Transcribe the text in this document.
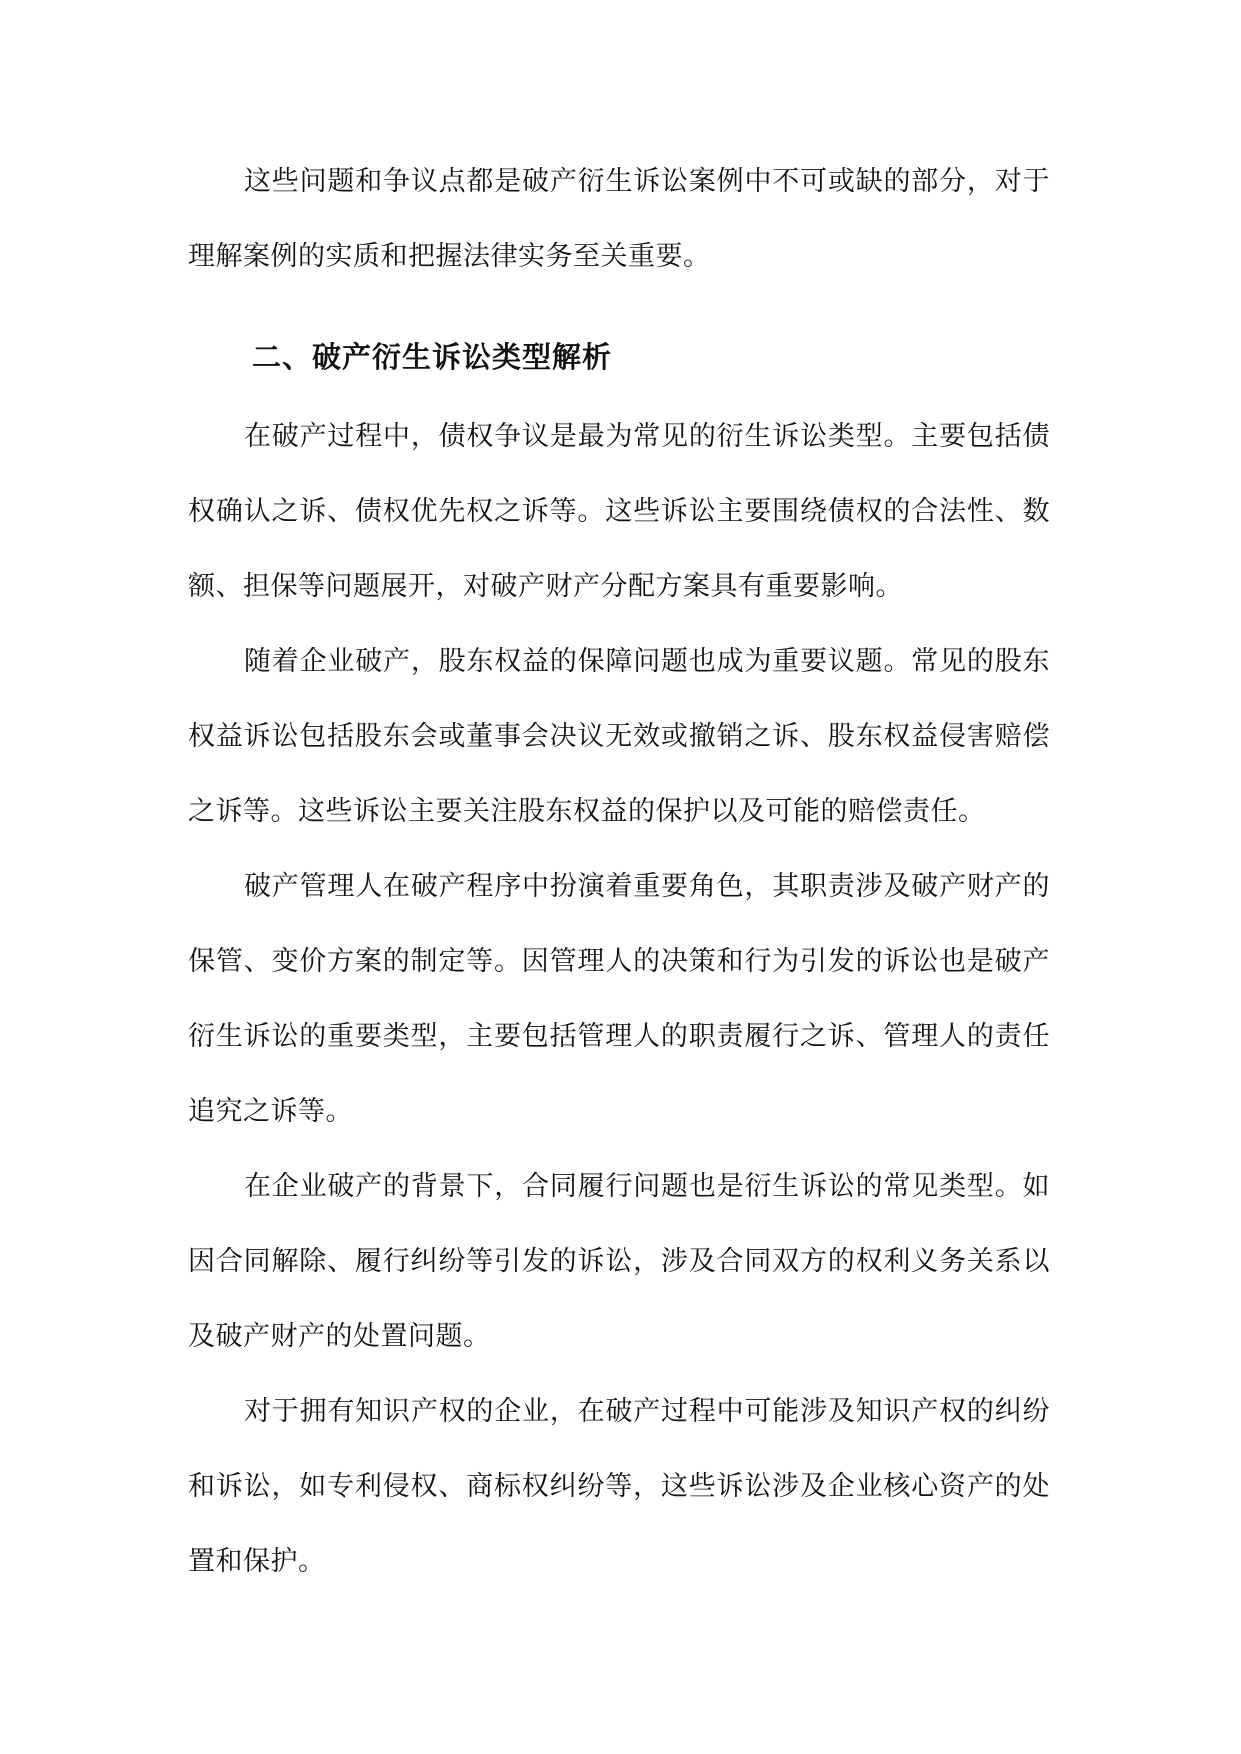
这些问题和争议点都是破产衍生诉讼案例中不可或缺的部分，对于理解案例的实质和把握法律实务至关重要。

二、破产衍生诉讼类型解析

在破产过程中，债权争议是最为常见的衍生诉讼类型。主要包括债权确认之诉、债权优先权之诉等。这些诉讼主要围绕债权的合法性、数额、担保等问题展开，对破产财产分配方案具有重要影响。

随着企业破产，股东权益的保障问题也成为重要议题。常见的股东权益诉讼包括股东会或董事会决议无效或撤销之诉、股东权益侵害赔偿之诉等。这些诉讼主要关注股东权益的保护以及可能的赔偿责任。

破产管理人在破产程序中扮演着重要角色，其职责涉及破产财产的保管、变价方案的制定等。因管理人的决策和行为引发的诉讼也是破产衍生诉讼的重要类型，主要包括管理人的职责履行之诉、管理人的责任追究之诉等。

在企业破产的背景下，合同履行问题也是衍生诉讼的常见类型。如因合同解除、履行纠纷等引发的诉讼，涉及合同双方的权利义务关系以及破产财产的处置问题。

对于拥有知识产权的企业，在破产过程中可能涉及知识产权的纠纷和诉讼，如专利侵权、商标权纠纷等，这些诉讼涉及企业核心资产的处置和保护。
